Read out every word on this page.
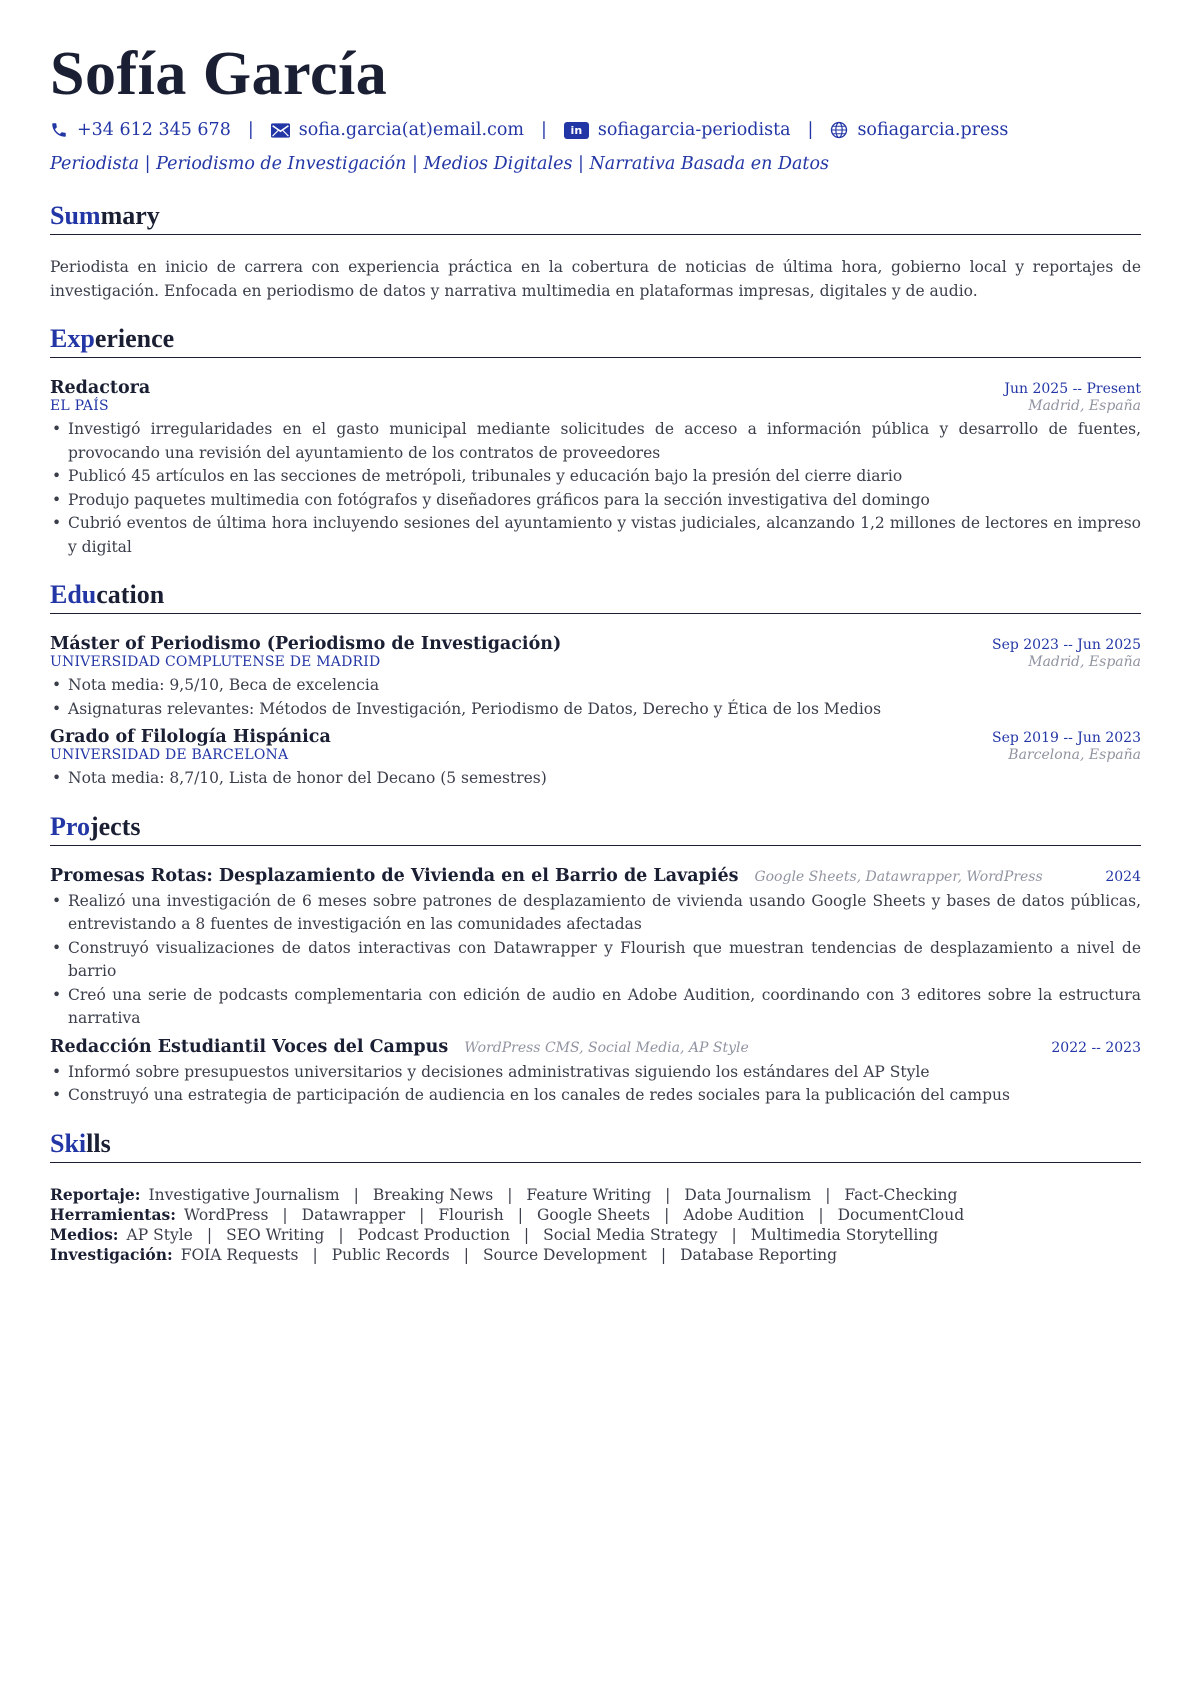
Sofía García
+34 612 345 678 |	sofia.garcia(at)email.com |	in sofiagarcia-periodista |	sofiagarcia.press
Periodista | Periodismo de Investigación | Medios Digitales | Narrativa Basada en Datos
Summary
Periodista en inicio de carrera con experiencia práctica en la cobertura de noticias de última hora, gobierno local y reportajes de investigación. Enfocada en periodismo de datos y narrativa multimedia en plataformas impresas, digitales y de audio.
Experience
Redactora	Jun 2025 -- Present
EL PAÍS	Madrid, España
• Investigó irregularidades en el gasto municipal mediante solicitudes de acceso a información pública y desarrollo de fuentes, provocando una revisión del ayuntamiento de los contratos de proveedores
• Publicó 45 artículos en las secciones de metrópoli, tribunales y educación bajo la presión del cierre diario
• Produjo paquetes multimedia con fotógrafos y diseñadores gráficos para la sección investigativa del domingo
• Cubrió eventos de última hora incluyendo sesiones del ayuntamiento y vistas judiciales, alcanzando 1,2 millones de lectores en impreso y digital
Education
Máster of Periodismo (Periodismo de Investigación)	Sep 2023 -- Jun 2025
UNIVERSIDAD COMPLUTENSE DE MADRID	Madrid, España
• Nota media: 9,5/10, Beca de excelencia
• Asignaturas relevantes: Métodos de Investigación, Periodismo de Datos, Derecho y Ética de los Medios
Grado of Filología Hispánica	Sep 2019 -- Jun 2023
UNIVERSIDAD DE BARCELONA	Barcelona, España
• Nota media: 8,7/10, Lista de honor del Decano (5 semestres)
Projects
Promesas Rotas: Desplazamiento de Vivienda en el Barrio de Lavapiés Google Sheets, Datawrapper, WordPress	2024
• Realizó una investigación de 6 meses sobre patrones de desplazamiento de vivienda usando Google Sheets y bases de datos públicas, entrevistando a 8 fuentes de investigación en las comunidades afectadas
• Construyó visualizaciones de datos interactivas con Datawrapper y Flourish que muestran tendencias de desplazamiento a nivel de barrio
• Creó una serie de podcasts complementaria con edición de audio en Adobe Audition, coordinando con 3 editores sobre la estructura narrativa
Redacción Estudiantil Voces del Campus WordPress CMS, Social Media, AP Style	2022 -- 2023
• Informó sobre presupuestos universitarios y decisiones administrativas siguiendo los estándares del AP Style
• Construyó una estrategia de participación de audiencia en los canales de redes sociales para la publicación del campus
Skills
Reportaje: Investigative Journalism | Breaking News | Feature Writing | Data Journalism | Fact-Checking
Herramientas: WordPress | Datawrapper | Flourish | Google Sheets | Adobe Audition | DocumentCloud
Medios: AP Style | SEO Writing | Podcast Production | Social Media Strategy | Multimedia Storytelling
Investigación: FOIA Requests | Public Records | Source Development | Database Reporting
